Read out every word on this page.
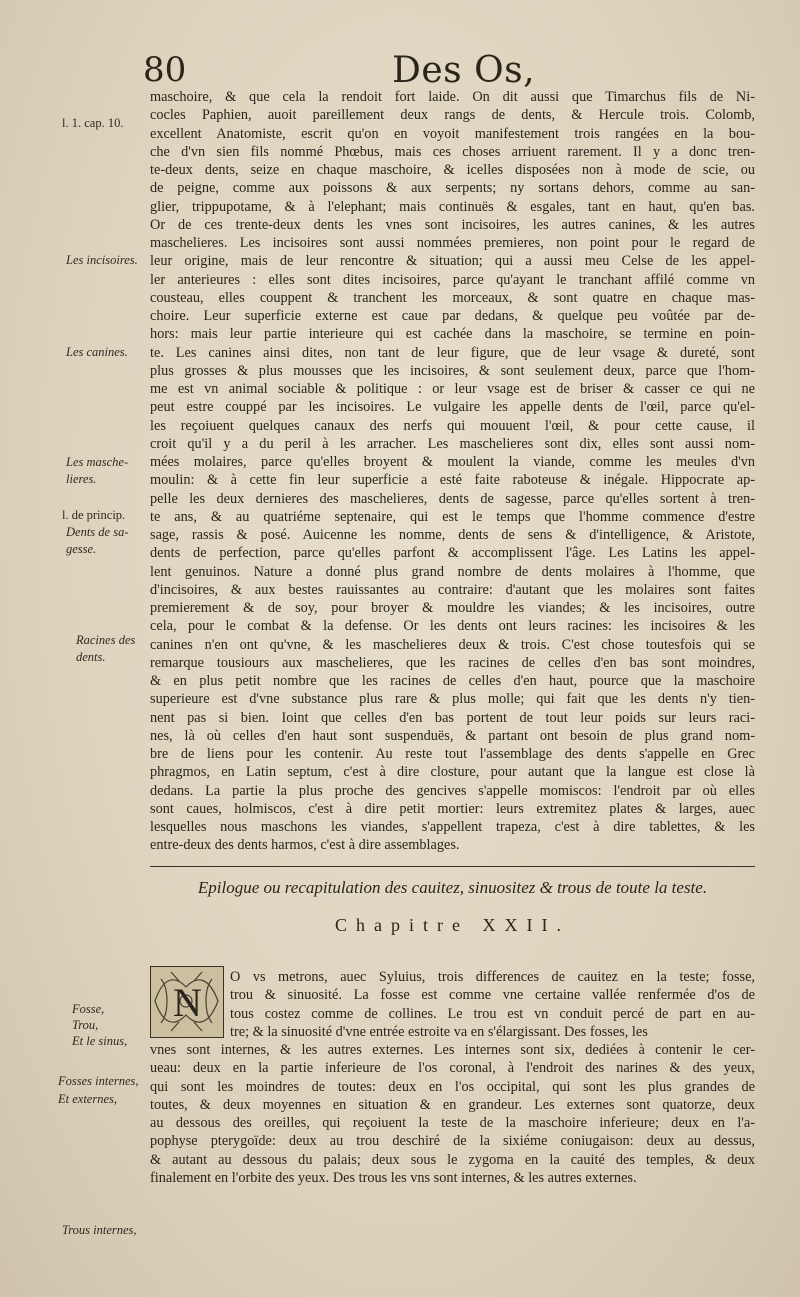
80	Des Os,
l. 1. cap. 10.
Les incisoires.
Les canines.
Les masche-
lieres.
l. de princip.
Dents de sa-
gesse.
Racines des
dents.
Fosse,
Trou,
Et le sinus,
Fosses internes,
Et externes,
Trous internes,

maschoire, & que cela la rendoit fort laide. On dit aussi que Timarchus fils de Ni-
cocles Paphien, auoit pareillement deux rangs de dents, & Hercule trois. Colomb,
excellent Anatomiste, escrit qu'on en voyoit manifestement trois rangées en la bou-
che d'vn sien fils nommé Phœbus, mais ces choses arriuent rarement. Il y a donc tren-
te-deux dents, seize en chaque maschoire, & icelles disposées non à mode de scie, ou
de peigne, comme aux poissons & aux serpents; ny sortans dehors, comme au san-
glier, trippupotame, & à l'elephant; mais continuës & esgales, tant en haut, qu'en bas.
Or de ces trente-deux dents les vnes sont incisoires, les autres canines, & les autres
maschelieres. Les incisoires sont aussi nommées premieres, non point pour le regard de
leur origine, mais de leur rencontre & situation; qui a aussi meu Celse de les appel-
ler anterieures : elles sont dites incisoires, parce qu'ayant le tranchant affilé comme vn
cousteau, elles couppent & tranchent les morceaux, & sont quatre en chaque mas-
choire. Leur superficie externe est caue par dedans, & quelque peu voûtée par de-
hors: mais leur partie interieure qui est cachée dans la maschoire, se termine en poin-
te. Les canines ainsi dites, non tant de leur figure, que de leur vsage & dureté, sont
plus grosses & plus mousses que les incisoires, & sont seulement deux, parce que l'hom-
me est vn animal sociable & politique : or leur vsage est de briser & casser ce qui ne
peut estre couppé par les incisoires. Le vulgaire les appelle dents de l'œil, parce qu'el-
les reçoiuent quelques canaux des nerfs qui mouuent l'œil, & pour cette cause, il
croit qu'il y a du peril à les arracher. Les maschelieres sont dix, elles sont aussi nom-
mées molaires, parce qu'elles broyent & moulent la viande, comme les meules d'vn
moulin: & à cette fin leur superficie a esté faite raboteuse & inégale. Hippocrate ap-
pelle les deux dernieres des maschelieres, dents de sagesse, parce qu'elles sortent à tren-
te ans, & au quatriéme septenaire, qui est le temps que l'homme commence d'estre
sage, rassis & posé. Auicenne les nomme, dents de sens & d'intelligence, & Aristote,
dents de perfection, parce qu'elles parfont & accomplissent l'âge. Les Latins les appel-
lent genuinos. Nature a donné plus grand nombre de dents molaires à l'homme, que
d'incisoires, & aux bestes rauissantes au contraire: d'autant que les molaires sont faites
premierement & de soy, pour broyer & mouldre les viandes; & les incisoires, outre
cela, pour le combat & la defense. Or les dents ont leurs racines: les incisoires & les
canines n'en ont qu'vne, & les maschelieres deux & trois. C'est chose toutesfois qui se
remarque tousiours aux maschelieres, que les racines de celles d'en bas sont moindres,
& en plus petit nombre que les racines de celles d'en haut, pource que la maschoire
superieure est d'vne substance plus rare & plus molle; qui fait que les dents n'y tien-
nent pas si bien. Ioint que celles d'en bas portent de tout leur poids sur leurs raci-
nes, là où celles d'en haut sont suspenduës, & partant ont besoin de plus grand nom-
bre de liens pour les contenir. Au reste tout l'assemblage des dents s'appelle en Grec
phragmos, en Latin septum, c'est à dire closture, pour autant que la langue est close là
dedans. La partie la plus proche des gencives s'appelle momiscos: l'endroit par où elles
sont caues, holmiscos, c'est à dire petit mortier: leurs extremitez plates & larges, auec
lesquelles nous maschons les viandes, s'appellent trapeza, c'est à dire tablettes, & les
entre-deux des dents harmos, c'est à dire assemblages.

Epilogue ou recapitulation des cauitez, sinuositez & trous de toute la teste.
Chapitre XXII.
N
O vs metrons, auec Syluius, trois differences de cauitez en la teste; fosse,
trou & sinuosité. La fosse est comme vne certaine vallée renfermée d'os de
tous costez comme de collines. Le trou est vn conduit percé de part en au-
tre; & la sinuosité d'vne entrée estroite va en s'élargissant. Des fosses, les

vnes sont internes, & les autres externes. Les internes sont six, dediées à contenir le cer-
ueau: deux en la partie inferieure de l'os coronal, à l'endroit des narines & des yeux,
qui sont les moindres de toutes: deux en l'os occipital, qui sont les plus grandes de
toutes, & deux moyennes en situation & en grandeur. Les externes sont quatorze, deux
au dessous des oreilles, qui reçoiuent la teste de la maschoire inferieure; deux en l'a-
pophyse pterygoïde: deux au trou deschiré de la sixiéme coniugaison: deux au dessus,
& autant au dessous du palais; deux sous le zygoma en la cauité des temples, & deux
finalement en l'orbite des yeux. Des trous les vns sont internes, & les autres externes.
